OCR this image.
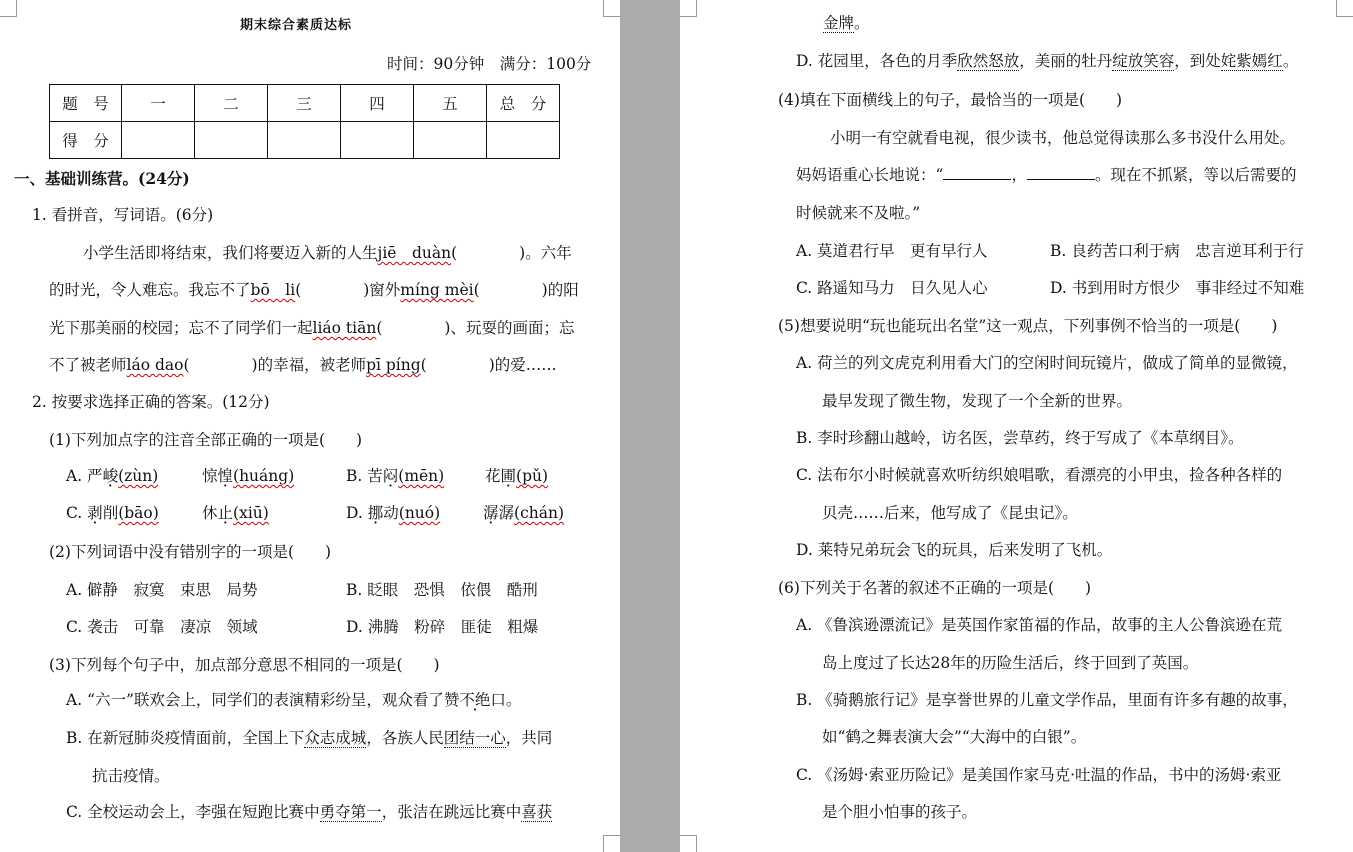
期末综合素质达标
时间：90分钟　满分：100分
题　号	一	二	三	四	五	总　分
得　分						
一、基础训练营。(24分)
1. 看拼音，写词语。(6分)
小学生活即将结束，我们将要迈入新的人生jiē　duàn(　　　　)。六年
的时光，令人难忘。我忘不了bō　li(　　　　)窗外míng mèi(　　　　)的阳
光下那美丽的校园；忘不了同学们一起liáo tiān(　　　　)、玩耍的画面；忘
不了被老师láo dao(　　　　)的幸福，被老师pī píng(　　　　)的爱……
2. 按要求选择正确的答案。(12分)
(1)下列加点字的注音全部正确的一项是(　　)
A. 严峻(zùn)	惊惶(huáng)	B. 苦闷(mēn)	花圃(pǔ)
C. 剥削(bāo)	休止(xiū)	D. 挪动(nuó)	潺潺(chán)
(2)下列词语中没有错别字的一项是(　　)
A. 僻静　寂寞　束思　局势	B. 眨眼　恐惧　依偎　酷刑
C. 袭击　可靠　凄凉　领域	D. 沸腾　粉碎　匪徒　粗爆
(3)下列每个句子中，加点部分意思不相同的一项是(　　)
A. “六一”联欢会上，同学们的表演精彩纷呈，观众看了赞不绝口。
B. 在新冠肺炎疫情面前，全国上下众志成城，各族人民团结一心，共同
抗击疫情。
C. 全校运动会上，李强在短跑比赛中勇夺第一，张洁在跳远比赛中喜获
金牌。
D. 花园里，各色的月季欣然怒放，美丽的牡丹绽放笑容，到处姹紫嫣红。
(4)填在下面横线上的句子，最恰当的一项是(　　)
小明一有空就看电视，很少读书，他总觉得读那么多书没什么用处。
妈妈语重心长地说：“	，	。现在不抓紧，等以后需要的
时候就来不及啦。”
A. 莫道君行早　更有早行人	B. 良药苦口利于病　忠言逆耳利于行
C. 路遥知马力　日久见人心	D. 书到用时方恨少　事非经过不知难
(5)想要说明“玩也能玩出名堂”这一观点，下列事例不恰当的一项是(　　)
A. 荷兰的列文虎克利用看大门的空闲时间玩镜片，做成了简单的显微镜，
最早发现了微生物，发现了一个全新的世界。
B. 李时珍翻山越岭，访名医，尝草药，终于写成了《本草纲目》。
C. 法布尔小时候就喜欢听纺织娘唱歌，看漂亮的小甲虫，捡各种各样的
贝壳……后来，他写成了《昆虫记》。
D. 莱特兄弟玩会飞的玩具，后来发明了飞机。
(6)下列关于名著的叙述不正确的一项是(　　)
A. 《鲁滨逊漂流记》是英国作家笛福的作品，故事的主人公鲁滨逊在荒
岛上度过了长达28年的历险生活后，终于回到了英国。
B. 《骑鹅旅行记》是享誉世界的儿童文学作品，里面有许多有趣的故事，
如“鹤之舞表演大会”“大海中的白银”。
C. 《汤姆·索亚历险记》是美国作家马克·吐温的作品，书中的汤姆·索亚
是个胆小怕事的孩子。
